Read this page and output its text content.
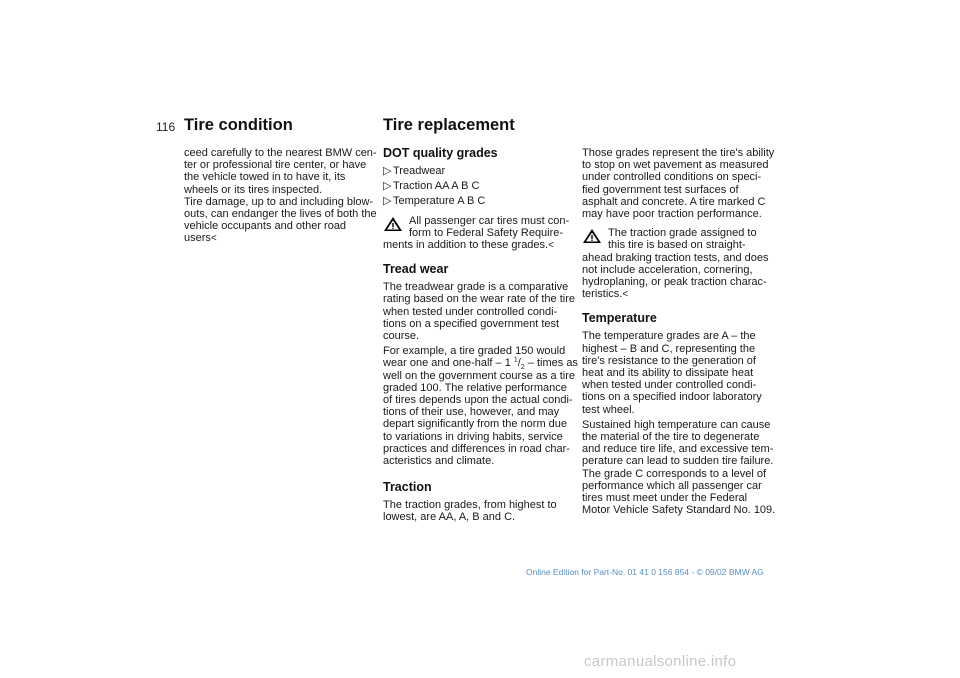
116 Tire condition	Tire replacement
ceed carefully to the nearest BMW cen-
ter or professional tire center, or have
the vehicle towed in to have it, its
wheels or its tires inspected.
Tire damage, up to and including blow-
outs, can endanger the lives of both the
vehicle occupants and other road
users<
DOT quality grades
▷ Treadwear
▷ Traction AA A B C
▷ Temperature A B C
All passenger car tires must con-
form to Federal Safety Require-
ments in addition to these grades.<
Tread wear

The treadwear grade is a comparative
rating based on the wear rate of the tire
when tested under controlled condi-
tions on a specified government test
course.

For example, a tire graded 150 would
wear one and one-half – 1 $^1/_2$ – times as
well on the government course as a tire
graded 100. The relative performance
of tires depends upon the actual condi-
tions of their use, however, and may
depart significantly from the norm due
to variations in driving habits, service
practices and differences in road char-
acteristics and climate.

Traction

The traction grades, from highest to
lowest, are AA, A, B and C.

Those grades represent the tire's ability
to stop on wet pavement as measured
under controlled conditions on speci-
fied government test surfaces of
asphalt and concrete. A tire marked C
may have poor traction performance.

The traction grade assigned to
this tire is based on straight-
ahead braking traction tests, and does
not include acceleration, cornering,
hydroplaning, or peak traction charac-
teristics.<
Temperature

The temperature grades are A – the
highest – B and C, representing the
tire's resistance to the generation of
heat and its ability to dissipate heat
when tested under controlled condi-
tions on a specified indoor laboratory
test wheel.

Sustained high temperature can cause
the material of the tire to degenerate
and reduce tire life, and excessive tem-
perature can lead to sudden tire failure.
The grade C corresponds to a level of
performance which all passenger car
tires must meet under the Federal
Motor Vehicle Safety Standard No. 109.

Online Edition for Part-No. 01 41 0 156 854 - © 09/02 BMW AG
carmanualsonline.info
